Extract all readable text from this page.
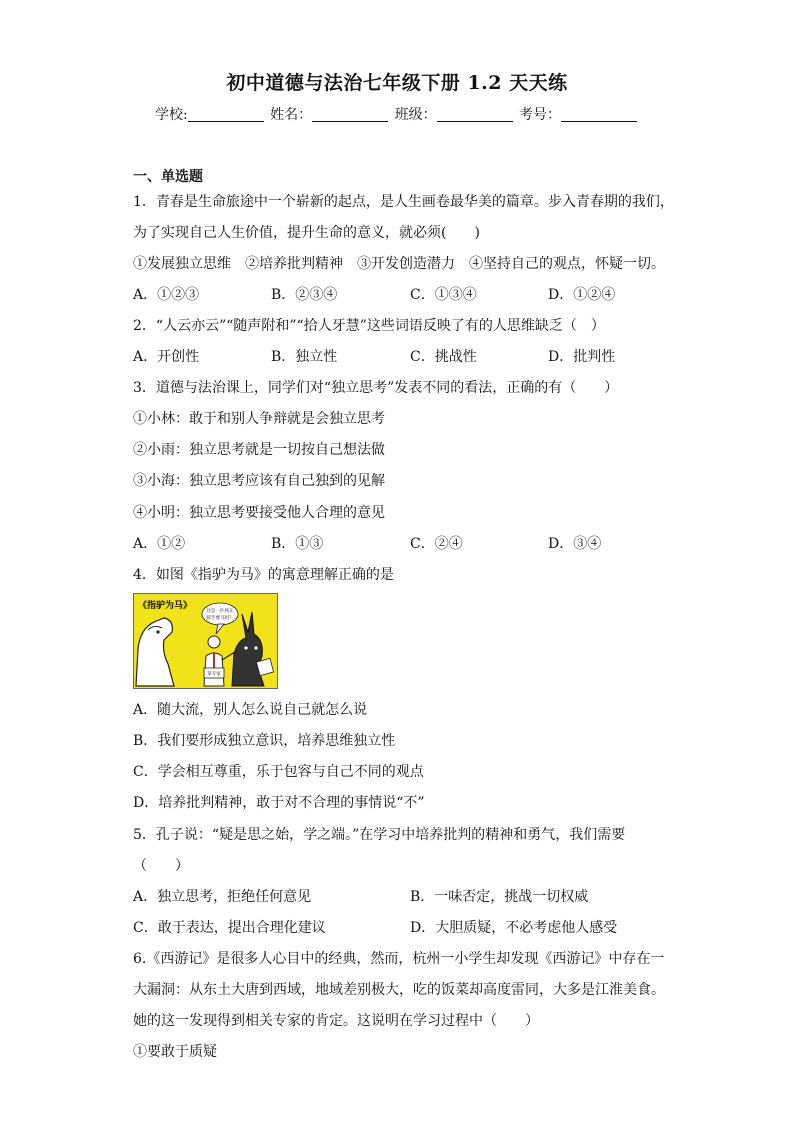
初中道德与法治七年级下册 1.2 天天练
学校:	姓名：	班级：	考号：
一、单选题
1．青春是生命旅途中一个崭新的起点，是人生画卷最华美的篇章。步入青春期的我们，
为了实现自己人生价值，提升生命的意义，就必须(　　)
①发展独立思维　②培养批判精神　③开发创造潜力　④坚持自己的观点，怀疑一切。
A．①②③	B．②③④	C．①③④	D．①②④
2．“人云亦云”“随声附和”“拾人牙慧”这些词语反映了有的人思维缺乏（　）
A．开创性	B．独立性	C．挑战性	D．批判性
3．道德与法治课上，同学们对“独立思考”发表不同的看法，正确的有（　　）
①小林：敢于和别人争辩就是会独立思考
②小雨：独立思考就是一切按自己想法做
③小海：独立思考应该有自己独到的见解
④小明：独立思考要接受他人合理的意见
A．①②	B．①③	C．②④	D．③④
4．如图《指驴为马》的寓意理解正确的是
这是一匹纯正
骑手要马吗？
某专家
《指驴为马》
A．随大流，别人怎么说自己就怎么说
B．我们要形成独立意识，培养思维独立性
C．学会相互尊重，乐于包容与自己不同的观点
D．培养批判精神，敢于对不合理的事情说“不”
5．孔子说：“疑是思之始，学之端。”在学习中培养批判的精神和勇气，我们需要
（　　）
A．独立思考，拒绝任何意见	B．一味否定，挑战一切权威
C．敢于表达，提出合理化建议	D．大胆质疑，不必考虑他人感受
6.《西游记》是很多人心目中的经典，然而，杭州一小学生却发现《西游记》中存在一
大漏洞：从东土大唐到西域，地域差别极大，吃的饭菜却高度雷同，大多是江淮美食。
她的这一发现得到相关专家的肯定。这说明在学习过程中（　　）
①要敢于质疑
